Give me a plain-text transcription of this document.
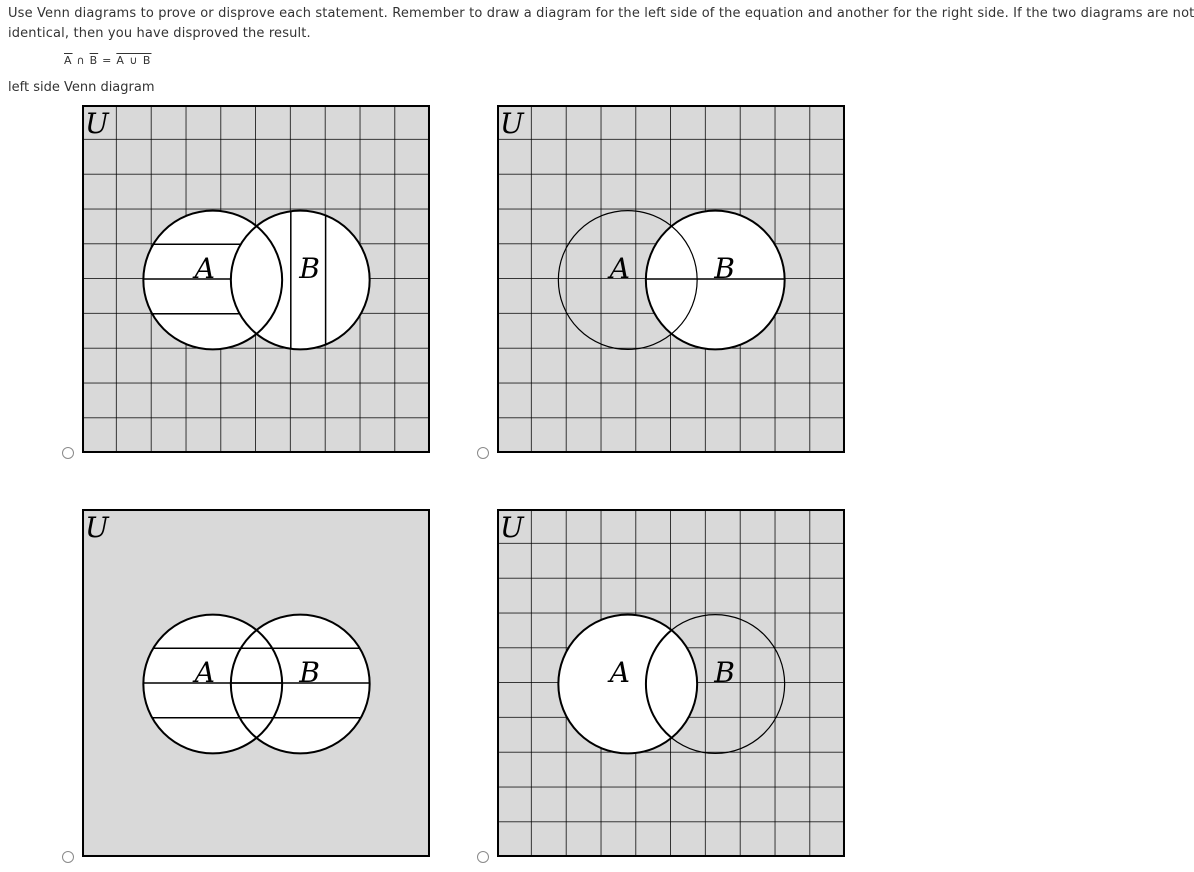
Use Venn diagrams to prove or disprove each statement. Remember to draw a diagram for the left side of the equation and another for the right side. If the two diagrams are not
identical, then you have disproved the result.
$\overline{A}$ ∩ $\overline{B} = A$ ∪ B
left side Venn diagram
U
A	B
U
A	B
U
A	B
U
A	B
